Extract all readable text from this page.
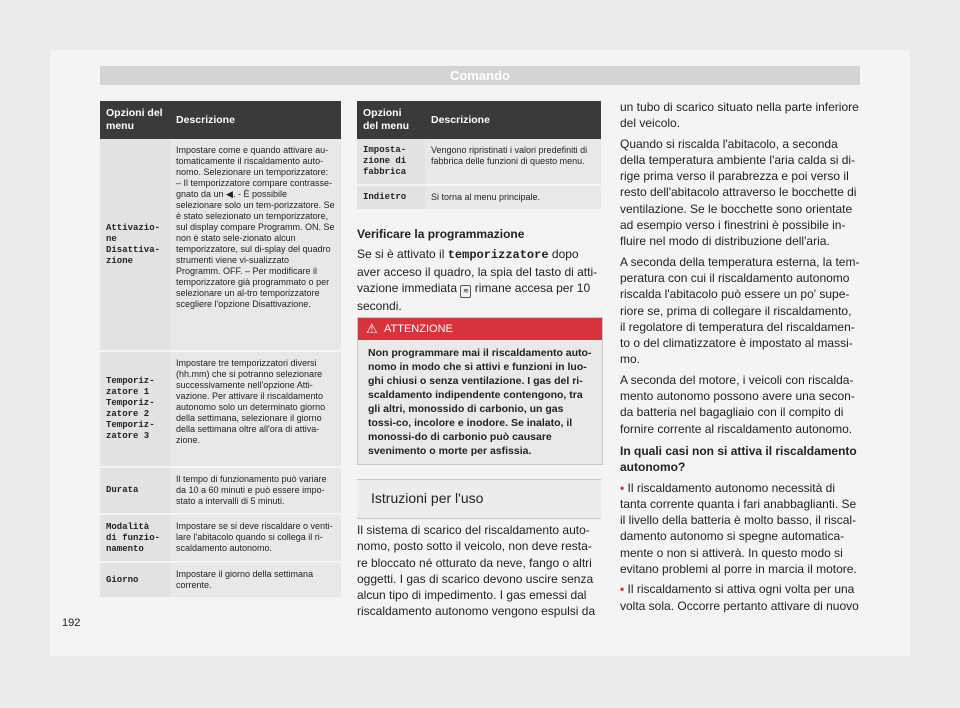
Comando
Opzioni del menu	Descrizione
Attivazio-ne Disattiva-zione	Impostare come e quando attivare au-tomaticamente il riscaldamento auto-nomo. Selezionare un temporizzatore: – Il temporizzatore compare contrasse-gnato da un ◀. - È possibile selezionare solo un tem-porizzatore. Se è stato selezionato un temporizzatore, sul display compare Programm. ON. Se non è stato sele-zionato alcun temporizzatore, sul di-splay del quadro strumenti viene vi-sualizzato Programm. OFF. – Per modificare il temporizzatore già programmato o per selezionare un al-tro temporizzatore scegliere l'opzione Disattivazione.
Temporiz-zatore 1 Temporiz-zatore 2 Temporiz-zatore 3	Impostare tre temporizzatori diversi (hh.mm) che si potranno selezionare successivamente nell'opzione Atti-vazione. Per attivare il riscaldamento autonomo solo un determinato giorno della settimana, selezionare il giorno della settimana oltre all'ora di attiva-zione.
Durata	Il tempo di funzionamento può variare da 10 a 60 minuti e può essere impo-stato a intervalli di 5 minuti.
Modalità di funzio-namento	Impostare se si deve riscaldare o venti-lare l'abitacolo quando si collega il ri-scaldamento autonomo.
Giorno	Impostare il giorno della settimana corrente.
Opzioni del menu	Descrizione
Imposta-zione di fabbrica	Vengono ripristinati i valori predefiniti di fabbrica delle funzioni di questo menu.
Indietro	Si torna al menu principale.

Verificare la programmazione

Se si è attivato il temporizzatore dopo aver acceso il quadro, la spia del tasto di atti-vazione immediata ≋ rimane accesa per 10 secondi.

⚠ ATTENZIONE
Non programmare mai il riscaldamento auto-nomo in modo che si attivi e funzioni in luo-ghi chiusi o senza ventilazione. I gas del ri-scaldamento indipendente contengono, tra gli altri, monossido di carbonio, un gas tossi-co, incolore e inodore. Se inalato, il monossi-do di carbonio può causare svenimento o morte per asfissia.
Istruzioni per l'uso

Il sistema di scarico del riscaldamento auto-nomo, posto sotto il veicolo, non deve resta-re bloccato né otturato da neve, fango o altri oggetti. I gas di scarico devono uscire senza alcun tipo di impedimento. I gas emessi dal riscaldamento autonomo vengono espulsi da

un tubo di scarico situato nella parte inferiore del veicolo.

Quando si riscalda l'abitacolo, a seconda della temperatura ambiente l'aria calda si di-rige prima verso il parabrezza e poi verso il resto dell'abitacolo attraverso le bocchette di ventilazione. Se le bocchette sono orientate ad esempio verso i finestrini è possibile in-fluire nel modo di distribuzione dell'aria.

A seconda della temperatura esterna, la tem-peratura con cui il riscaldamento autonomo riscalda l'abitacolo può essere un po' supe-riore se, prima di collegare il riscaldamento, il regolatore di temperatura del riscaldamen-to o del climatizzatore è impostato al massi-mo.

A seconda del motore, i veicoli con riscalda-mento autonomo possono avere una secon-da batteria nel bagagliaio con il compito di fornire corrente al riscaldamento autonomo.

In quali casi non si attiva il riscaldamento autonomo?

• Il riscaldamento autonomo necessità di tanta corrente quanta i fari anabbaglianti. Se il livello della batteria è molto basso, il riscal-damento autonomo si spegne automatica-mente o non si attiverà. In questo modo si evitano problemi al porre in marcia il motore.

• Il riscaldamento si attiva ogni volta per una volta sola. Occorre pertanto attivare di nuovo

192
